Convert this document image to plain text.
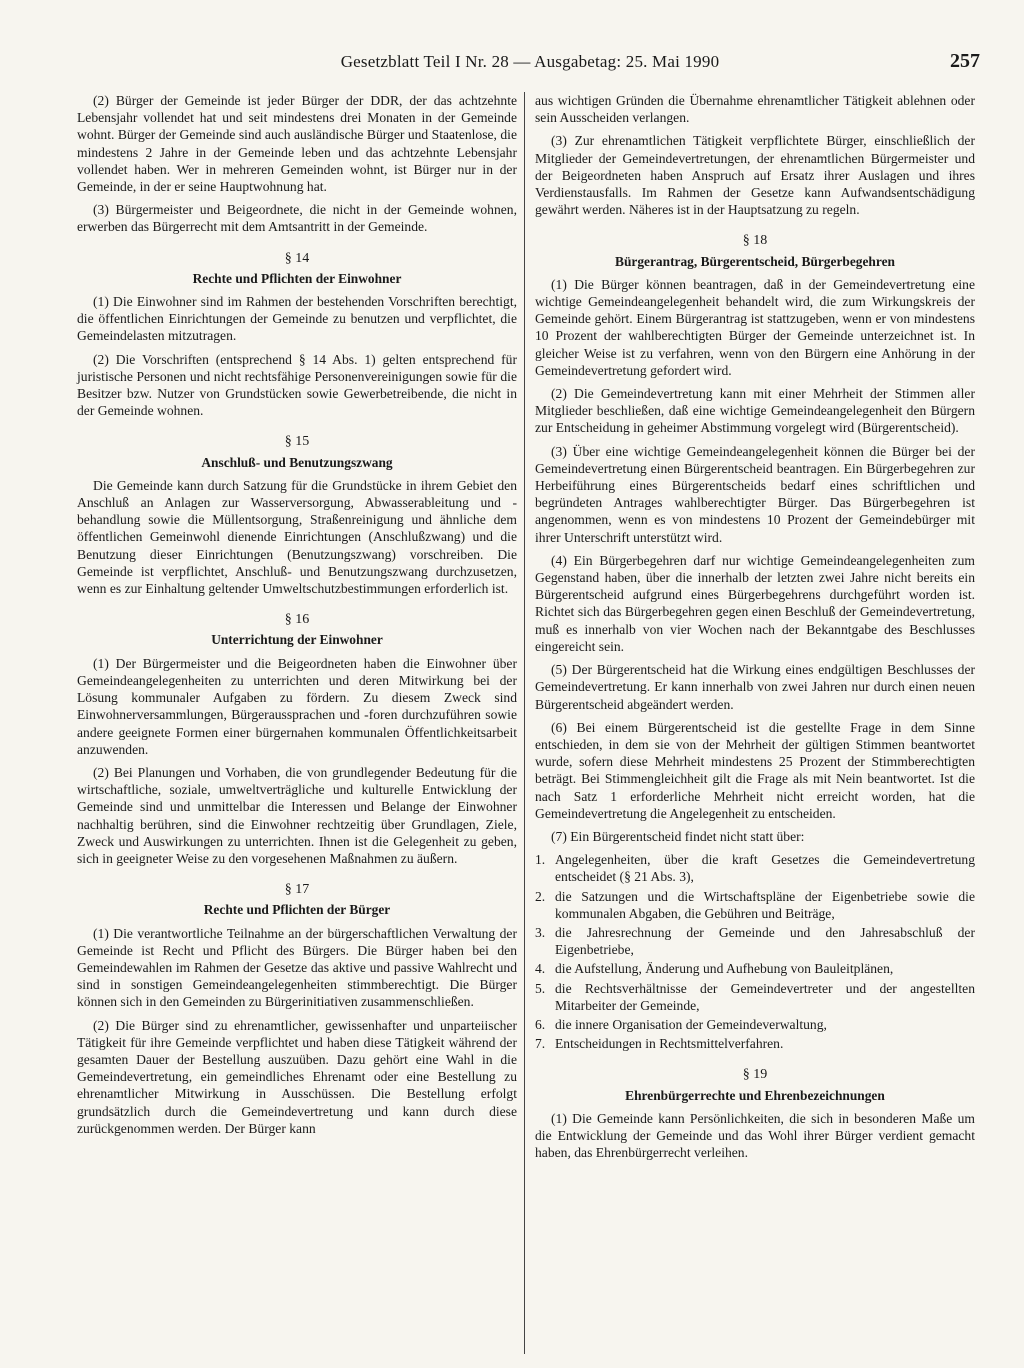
Gesetzblatt Teil I Nr. 28 — Ausgabetag: 25. Mai 1990	257

(2) Bürger der Gemeinde ist jeder Bürger der DDR, der das achtzehnte Lebensjahr vollendet hat und seit mindestens drei Monaten in der Gemeinde wohnt. Bürger der Gemeinde sind auch ausländische Bürger und Staatenlose, die mindestens 2 Jahre in der Gemeinde leben und das achtzehnte Lebensjahr vollendet haben. Wer in mehreren Gemeinden wohnt, ist Bürger nur in der Gemeinde, in der er seine Hauptwohnung hat.

(3) Bürgermeister und Beigeordnete, die nicht in der Gemeinde wohnen, erwerben das Bürgerrecht mit dem Amtsantritt in der Gemeinde.

§ 14
Rechte und Pflichten der Einwohner

(1) Die Einwohner sind im Rahmen der bestehenden Vorschriften berechtigt, die öffentlichen Einrichtungen der Gemeinde zu benutzen und verpflichtet, die Gemeindelasten mitzutragen.

(2) Die Vorschriften (entsprechend § 14 Abs. 1) gelten entsprechend für juristische Personen und nicht rechtsfähige Personenvereinigungen sowie für die Besitzer bzw. Nutzer von Grundstücken sowie Gewerbetreibende, die nicht in der Gemeinde wohnen.

§ 15
Anschluß- und Benutzungszwang

Die Gemeinde kann durch Satzung für die Grundstücke in ihrem Gebiet den Anschluß an Anlagen zur Wasserversorgung, Abwasserableitung und -behandlung sowie die Müllentsorgung, Straßenreinigung und ähnliche dem öffentlichen Gemeinwohl dienende Einrichtungen (Anschlußzwang) und die Benutzung dieser Einrichtungen (Benutzungszwang) vorschreiben. Die Gemeinde ist verpflichtet, Anschluß- und Benutzungszwang durchzusetzen, wenn es zur Einhaltung geltender Umweltschutzbestimmungen erforderlich ist.

§ 16
Unterrichtung der Einwohner

(1) Der Bürgermeister und die Beigeordneten haben die Einwohner über Gemeindeangelegenheiten zu unterrichten und deren Mitwirkung bei der Lösung kommunaler Aufgaben zu fördern. Zu diesem Zweck sind Einwohnerversammlungen, Bürgeraussprachen und -foren durchzuführen sowie andere geeignete Formen einer bürgernahen kommunalen Öffentlichkeitsarbeit anzuwenden.

(2) Bei Planungen und Vorhaben, die von grundlegender Bedeutung für die wirtschaftliche, soziale, umweltverträgliche und kulturelle Entwicklung der Gemeinde sind und unmittelbar die Interessen und Belange der Einwohner nachhaltig berühren, sind die Einwohner rechtzeitig über Grundlagen, Ziele, Zweck und Auswirkungen zu unterrichten. Ihnen ist die Gelegenheit zu geben, sich in geeigneter Weise zu den vorgesehenen Maßnahmen zu äußern.

§ 17
Rechte und Pflichten der Bürger

(1) Die verantwortliche Teilnahme an der bürgerschaftlichen Verwaltung der Gemeinde ist Recht und Pflicht des Bürgers. Die Bürger haben bei den Gemeindewahlen im Rahmen der Gesetze das aktive und passive Wahlrecht und sind in sonstigen Gemeindeangelegenheiten stimmberechtigt. Die Bürger können sich in den Gemeinden zu Bürgerinitiativen zusammenschließen.

(2) Die Bürger sind zu ehrenamtlicher, gewissenhafter und unparteiischer Tätigkeit für ihre Gemeinde verpflichtet und haben diese Tätigkeit während der gesamten Dauer der Bestellung auszuüben. Dazu gehört eine Wahl in die Gemeindevertretung, ein gemeindliches Ehrenamt oder eine Bestellung zu ehrenamtlicher Mitwirkung in Ausschüssen. Die Bestellung erfolgt grundsätzlich durch die Gemeindevertretung und kann durch diese zurückgenommen werden. Der Bürger kann

aus wichtigen Gründen die Übernahme ehrenamtlicher Tätigkeit ablehnen oder sein Ausscheiden verlangen.

(3) Zur ehrenamtlichen Tätigkeit verpflichtete Bürger, einschließlich der Mitglieder der Gemeindevertretungen, der ehrenamtlichen Bürgermeister und der Beigeordneten haben Anspruch auf Ersatz ihrer Auslagen und ihres Verdienstausfalls. Im Rahmen der Gesetze kann Aufwandsentschädigung gewährt werden. Näheres ist in der Hauptsatzung zu regeln.

§ 18
Bürgerantrag, Bürgerentscheid, Bürgerbegehren

(1) Die Bürger können beantragen, daß in der Gemeindevertretung eine wichtige Gemeindeangelegenheit behandelt wird, die zum Wirkungskreis der Gemeinde gehört. Einem Bürgerantrag ist stattzugeben, wenn er von mindestens 10 Prozent der wahlberechtigten Bürger der Gemeinde unterzeichnet ist. In gleicher Weise ist zu verfahren, wenn von den Bürgern eine Anhörung in der Gemeindevertretung gefordert wird.

(2) Die Gemeindevertretung kann mit einer Mehrheit der Stimmen aller Mitglieder beschließen, daß eine wichtige Gemeindeangelegenheit den Bürgern zur Entscheidung in geheimer Abstimmung vorgelegt wird (Bürgerentscheid).

(3) Über eine wichtige Gemeindeangelegenheit können die Bürger bei der Gemeindevertretung einen Bürgerentscheid beantragen. Ein Bürgerbegehren zur Herbeiführung eines Bürgerentscheids bedarf eines schriftlichen und begründeten Antrages wahlberechtigter Bürger. Das Bürgerbegehren ist angenommen, wenn es von mindestens 10 Prozent der Gemeindebürger mit ihrer Unterschrift unterstützt wird.

(4) Ein Bürgerbegehren darf nur wichtige Gemeindeangelegenheiten zum Gegenstand haben, über die innerhalb der letzten zwei Jahre nicht bereits ein Bürgerentscheid aufgrund eines Bürgerbegehrens durchgeführt worden ist. Richtet sich das Bürgerbegehren gegen einen Beschluß der Gemeindevertretung, muß es innerhalb von vier Wochen nach der Bekanntgabe des Beschlusses eingereicht sein.

(5) Der Bürgerentscheid hat die Wirkung eines endgültigen Beschlusses der Gemeindevertretung. Er kann innerhalb von zwei Jahren nur durch einen neuen Bürgerentscheid abgeändert werden.

(6) Bei einem Bürgerentscheid ist die gestellte Frage in dem Sinne entschieden, in dem sie von der Mehrheit der gültigen Stimmen beantwortet wurde, sofern diese Mehrheit mindestens 25 Prozent der Stimmberechtigten beträgt. Bei Stimmengleichheit gilt die Frage als mit Nein beantwortet. Ist die nach Satz 1 erforderliche Mehrheit nicht erreicht worden, hat die Gemeindevertretung die Angelegenheit zu entscheiden.

(7) Ein Bürgerentscheid findet nicht statt über:

1. Angelegenheiten, über die kraft Gesetzes die Gemeindevertretung entscheidet (§ 21 Abs. 3),
2. die Satzungen und die Wirtschaftspläne der Eigenbetriebe sowie die kommunalen Abgaben, die Gebühren und Beiträge,
3. die Jahresrechnung der Gemeinde und den Jahresabschluß der Eigenbetriebe,
4. die Aufstellung, Änderung und Aufhebung von Bauleitplänen,
5. die Rechtsverhältnisse der Gemeindevertreter und der angestellten Mitarbeiter der Gemeinde,
6. die innere Organisation der Gemeindeverwaltung,
7. Entscheidungen in Rechtsmittelverfahren.
§ 19
Ehrenbürgerrechte und Ehrenbezeichnungen

(1) Die Gemeinde kann Persönlichkeiten, die sich in besonderen Maße um die Entwicklung der Gemeinde und das Wohl ihrer Bürger verdient gemacht haben, das Ehrenbürgerrecht verleihen.
